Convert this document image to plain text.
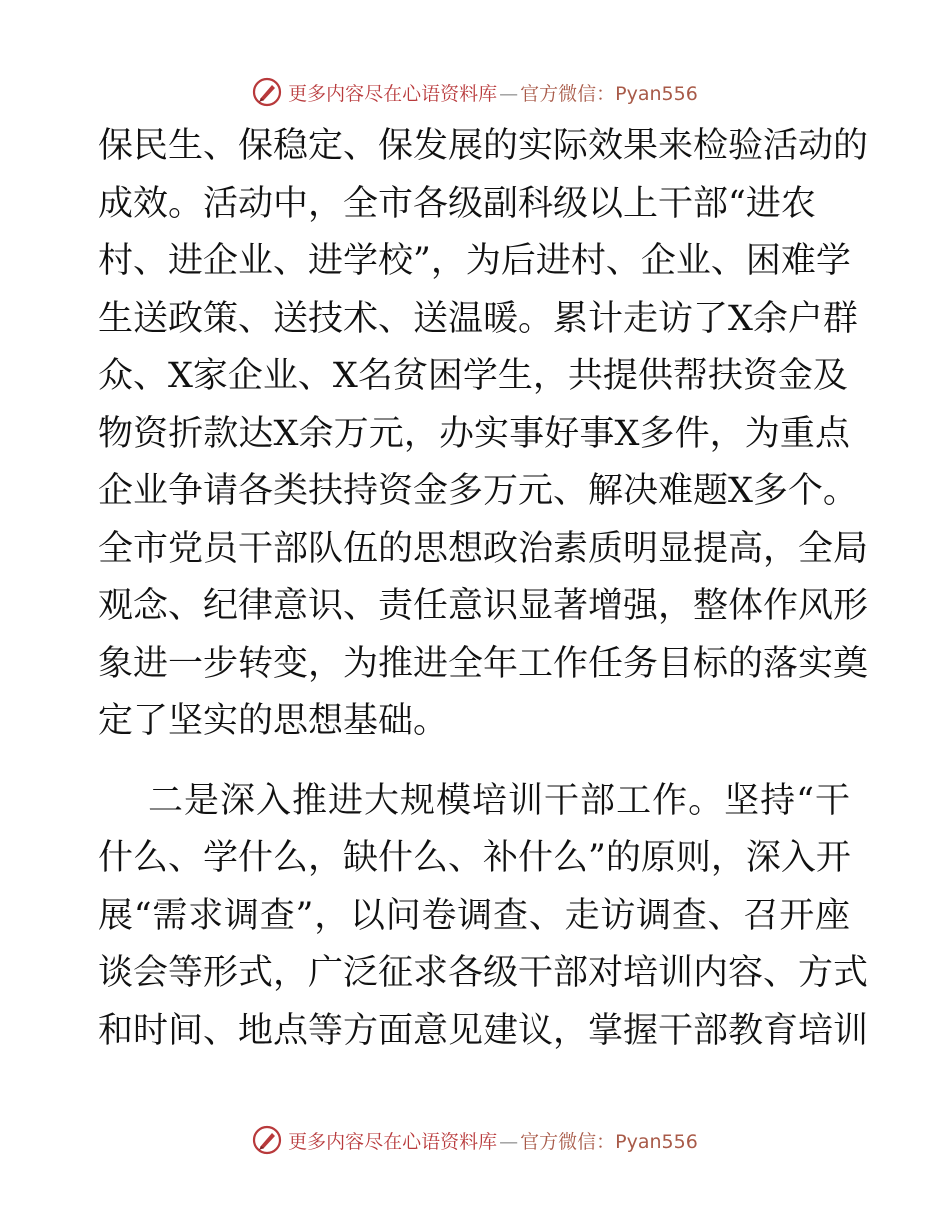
更多内容尽在心语资料库 — 官方微信：Pyan556
保民生、保稳定、保发展的实际效果来检验活动的
成效。活动中，全市各级副科级以上干部“进农
村、进企业、进学校”，为后进村、企业、困难学
生送政策、送技术、送温暖。累计走访了X余户群
众、X家企业、X名贫困学生，共提供帮扶资金及
物资折款达X余万元，办实事好事X多件，为重点
企业争请各类扶持资金多万元、解决难题X多个。
全市党员干部队伍的思想政治素质明显提高，全局
观念、纪律意识、责任意识显著增强，整体作风形
象进一步转变，为推进全年工作任务目标的落实奠
定了坚实的思想基础。
二是深入推进大规模培训干部工作。坚持“干
什么、学什么，缺什么、补什么”的原则，深入开
展“需求调查”，以问卷调查、走访调查、召开座
谈会等形式，广泛征求各级干部对培训内容、方式
和时间、地点等方面意见建议，掌握干部教育培训
更多内容尽在心语资料库 — 官方微信：Pyan556
